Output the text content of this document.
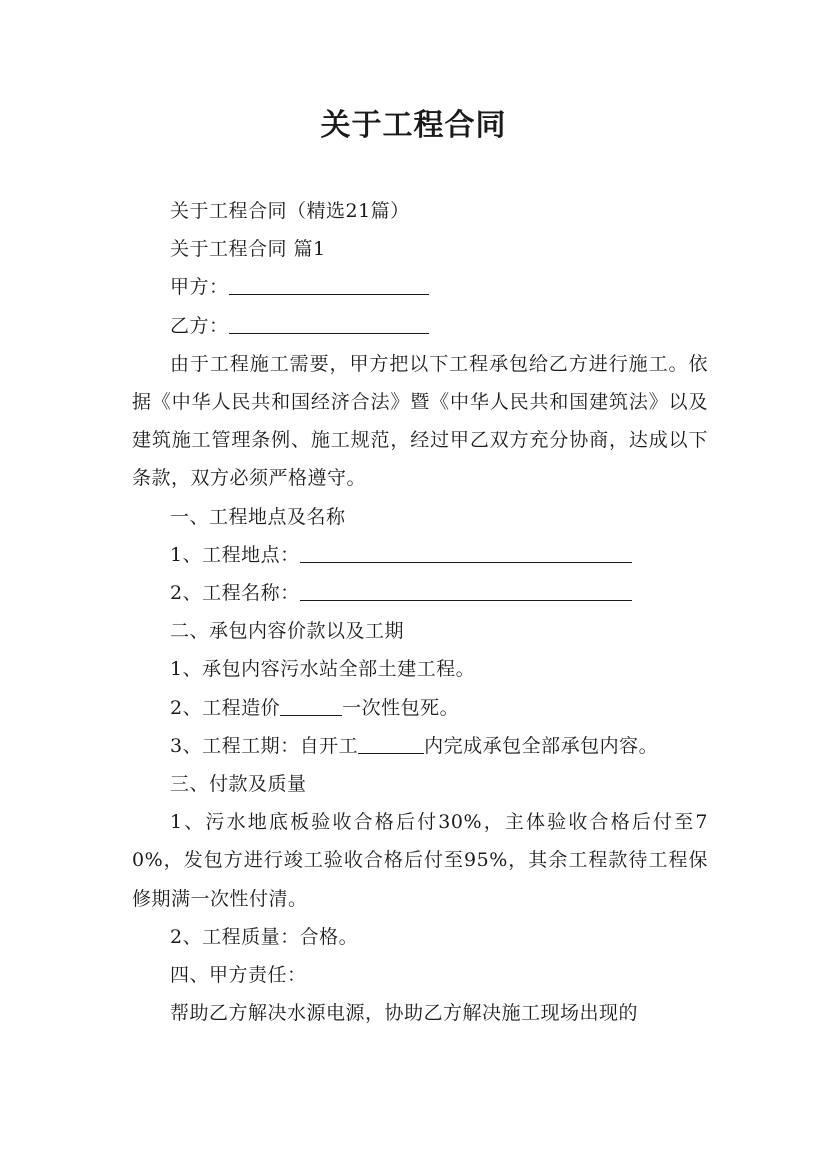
关于工程合同

关于工程合同（精选21篇）

关于工程合同 篇1

甲方：

乙方：

由于工程施工需要，甲方把以下工程承包给乙方进行施工。依据《中华人民共和国经济合法》暨《中华人民共和国建筑法》以及建筑施工管理条例、施工规范，经过甲乙双方充分协商，达成以下条款，双方必须严格遵守。

一、工程地点及名称

1、工程地点：

2、工程名称：

二、承包内容价款以及工期

1、承包内容污水站全部土建工程。

2、工程造价	一次性包死。

3、工程工期：自开工	内完成承包全部承包内容。

三、付款及质量

1、污水地底板验收合格后付30%，主体验收合格后付至70%，发包方进行竣工验收合格后付至95%，其余工程款待工程保修期满一次性付清。

2、工程质量：合格。

四、甲方责任：

帮助乙方解决水源电源，协助乙方解决施工现场出现的
